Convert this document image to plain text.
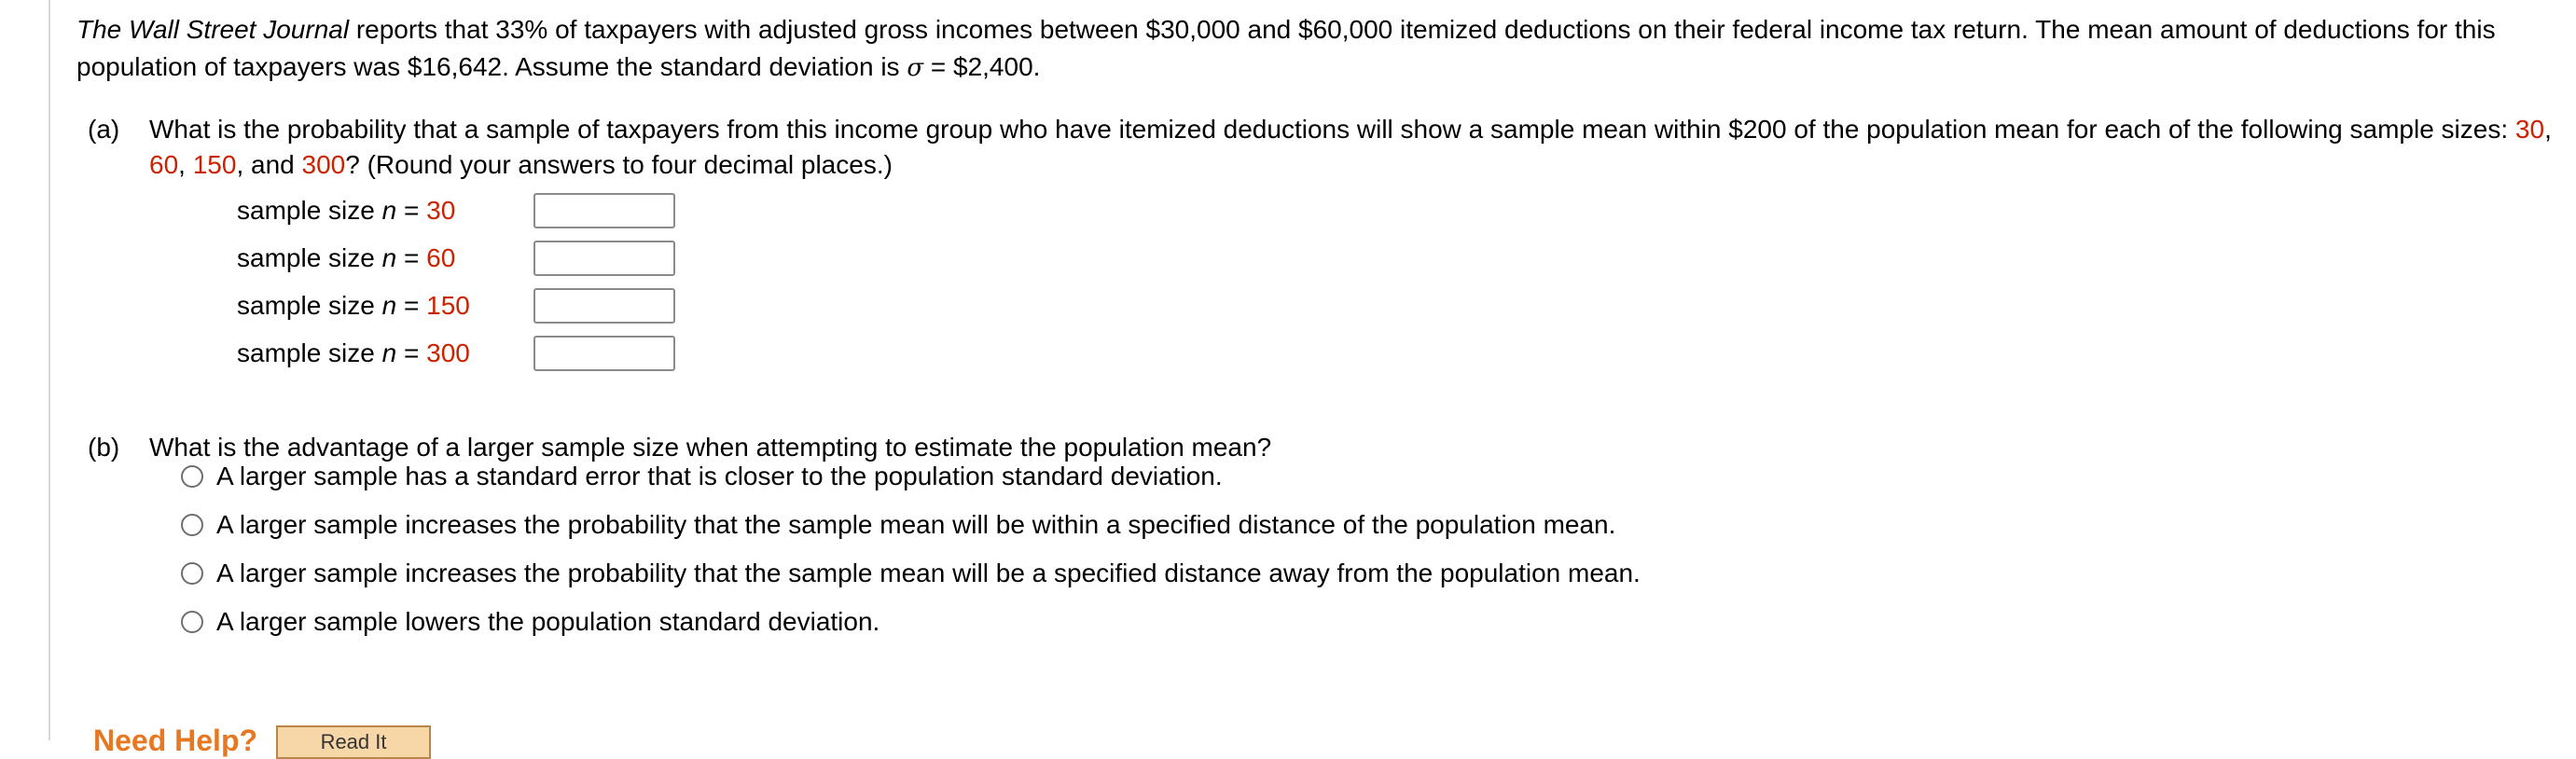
The Wall Street Journal reports that 33% of taxpayers with adjusted gross incomes between $30,000 and $60,000 itemized deductions on their federal income tax return. The mean amount of deductions for this population of taxpayers was $16,642. Assume the standard deviation is σ = $2,400.
(a) What is the probability that a sample of taxpayers from this income group who have itemized deductions will show a sample mean within $200 of the population mean for each of the following sample sizes: 30, 60, 150, and 300? (Round your answers to four decimal places.)
sample size n = 30
sample size n = 60
sample size n = 150
sample size n = 300
(b) What is the advantage of a larger sample size when attempting to estimate the population mean?
A larger sample has a standard error that is closer to the population standard deviation.
A larger sample increases the probability that the sample mean will be within a specified distance of the population mean.
A larger sample increases the probability that the sample mean will be a specified distance away from the population mean.
A larger sample lowers the population standard deviation.
Need Help?	Read It
